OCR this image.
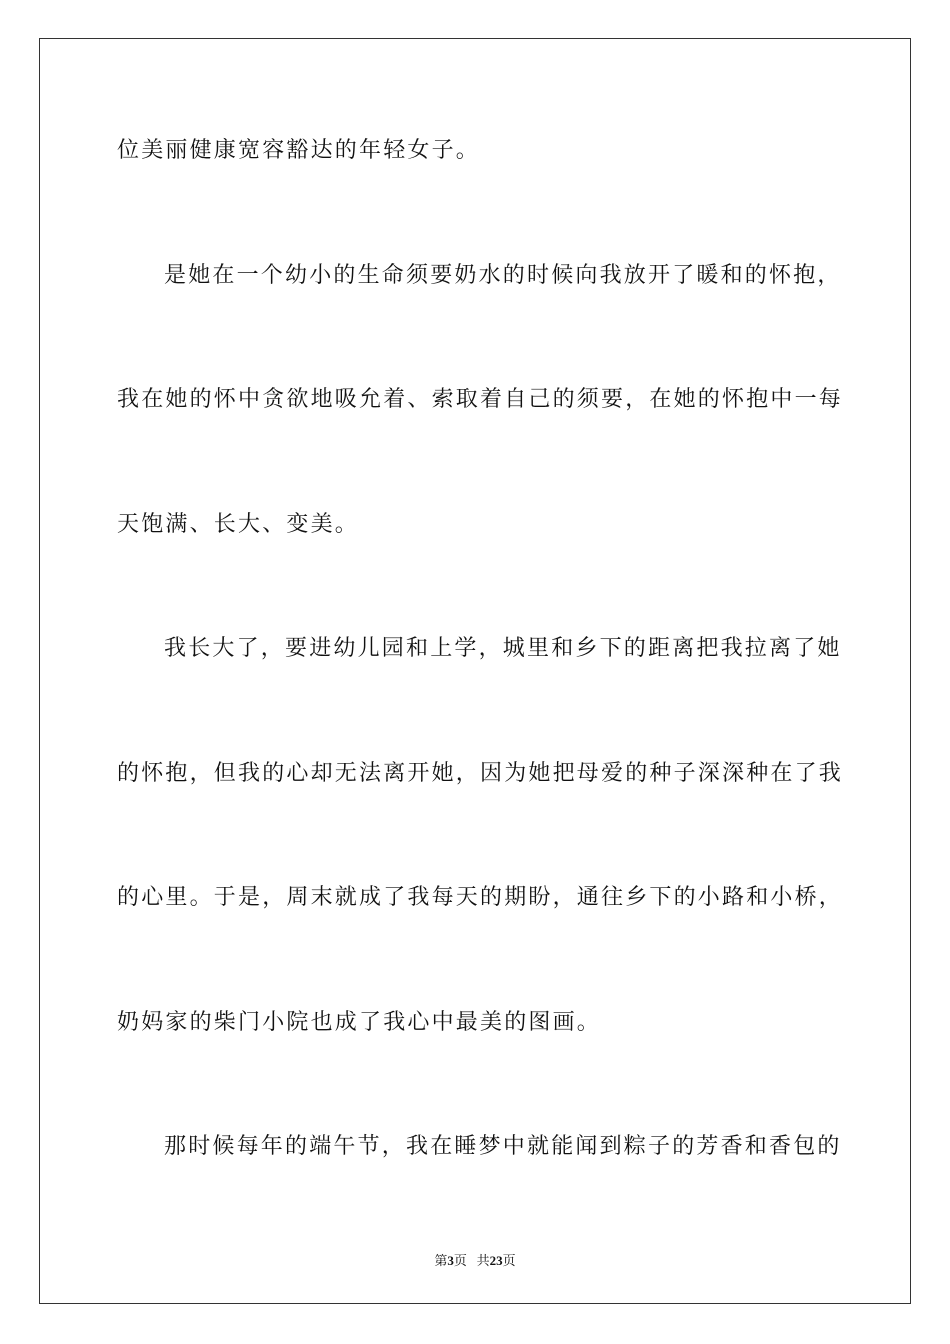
位美丽健康宽容豁达的年轻女子。
是她在一个幼小的生命须要奶水的时候向我放开了暖和的怀抱，
我在她的怀中贪欲地吸允着、索取着自己的须要，在她的怀抱中一每
天饱满、长大、变美。
我长大了，要进幼儿园和上学，城里和乡下的距离把我拉离了她
的怀抱，但我的心却无法离开她，因为她把母爱的种子深深种在了我
的心里。于是，周末就成了我每天的期盼，通往乡下的小路和小桥，
奶妈家的柴门小院也成了我心中最美的图画。
那时候每年的端午节，我在睡梦中就能闻到粽子的芳香和香包的
第3页 共23页
